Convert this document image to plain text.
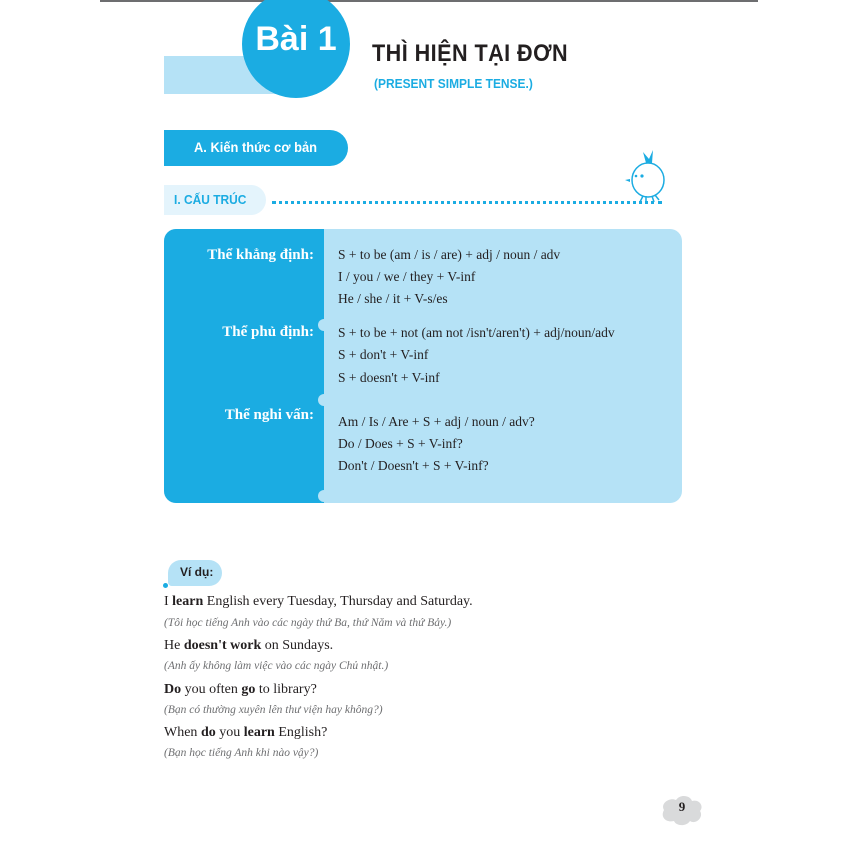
Bài 1	THÌ HIỆN TẠI ĐƠN
(PRESENT SIMPLE TENSE.)
A. Kiến thức cơ bản
I. CẤU TRÚC
Thể khẳng định: S + to be (am / is / are) + adj / noun / adv
I / you / we / they + V-inf
He / she / it + V-s/es
Thể phủ định: S + to be + not (am not /isn't/aren't) + adj/noun/adv
S + don't + V-inf
S + doesn't + V-inf
Thể nghi vấn: Am / Is / Are + S + adj / noun / adv?
Do / Does + S + V-inf?
Don't / Doesn't + S + V-inf?
Ví dụ:
I learn English every Tuesday, Thursday and Saturday.
(Tôi học tiếng Anh vào các ngày thứ Ba, thứ Năm và thứ Bảy.)
He doesn't work on Sundays.
(Anh ấy không làm việc vào các ngày Chủ nhật.)
Do you often go to library?
(Bạn có thường xuyên lên thư viện hay không?)
When do you learn English?
(Bạn học tiếng Anh khi nào vậy?)
9
